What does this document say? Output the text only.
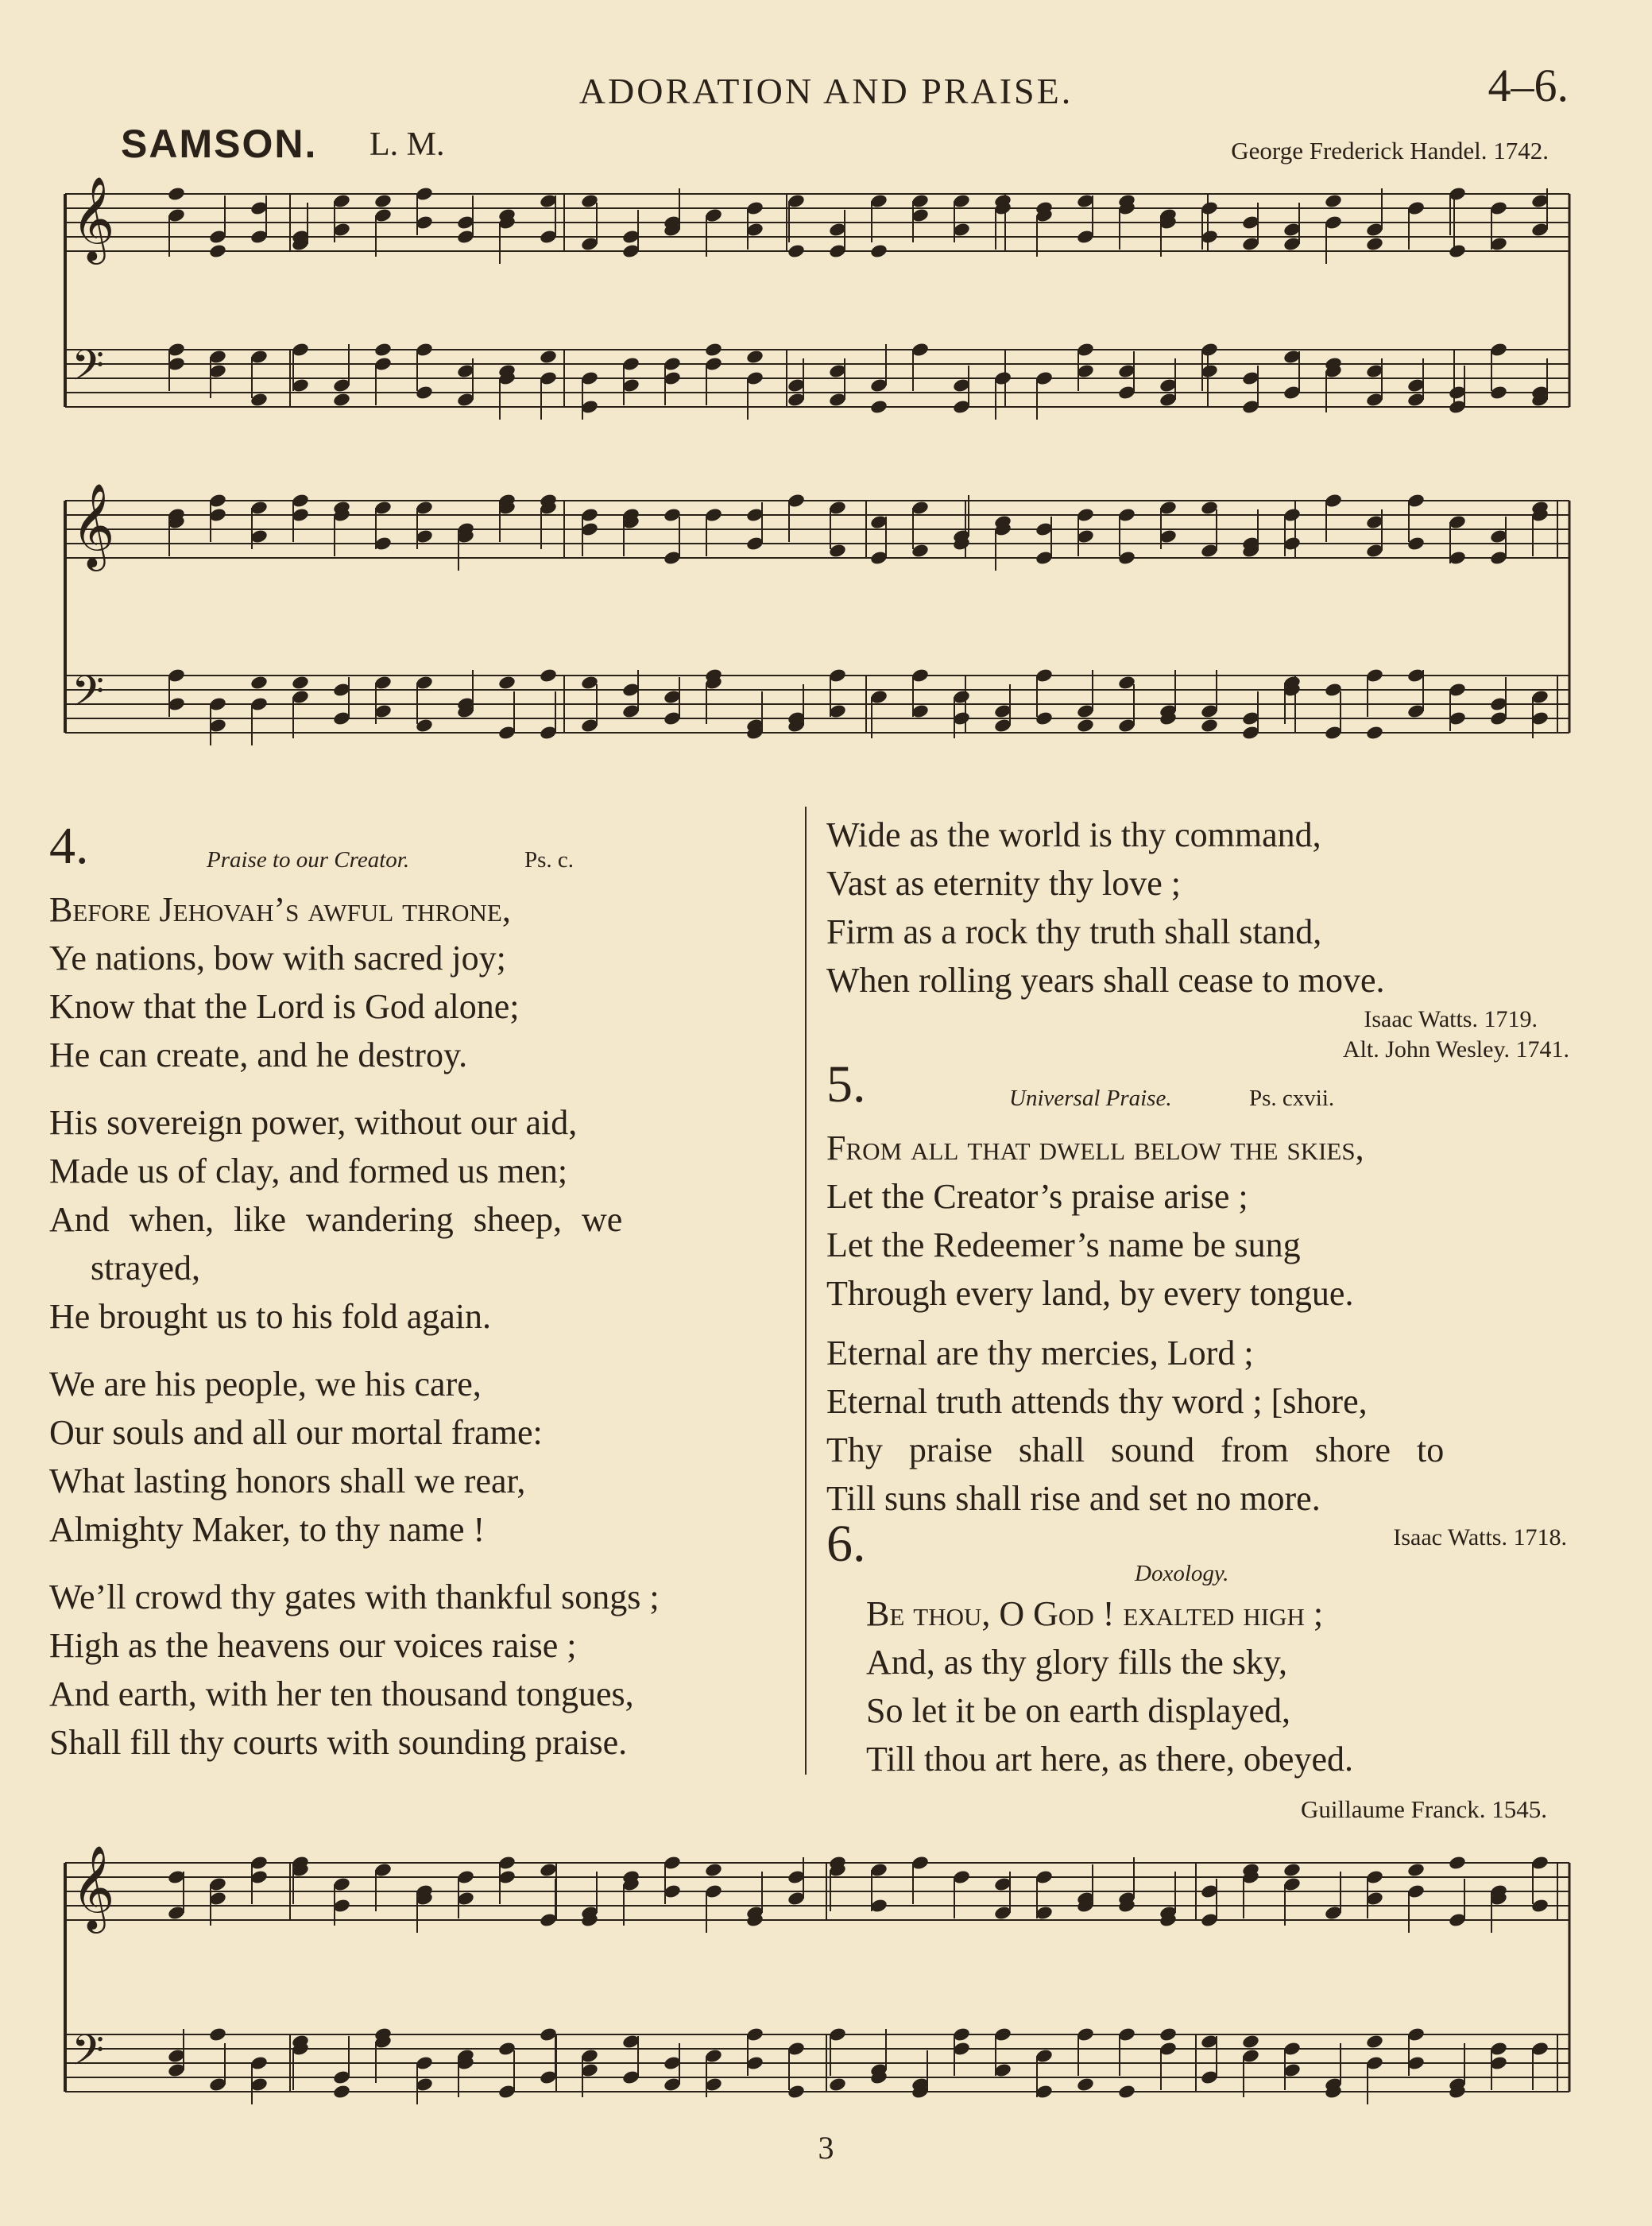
ADORATION AND PRAISE.	4–6.
SAMSON. L. M.	George Frederick Handel. 1742.
𝄞
𝄢
𝄞
𝄢
4.	Praise to our Creator.	Ps. c.
Before Jehovah’s awful throne,
Ye nations, bow with sacred joy;
Know that the Lord is God alone;
He can create, and he destroy.
His sovereign power, without our aid,
Made us of clay, and formed us men;
And when, like wandering sheep, we
strayed,
He brought us to his fold again.
We are his people, we his care,
Our souls and all our mortal frame:
What lasting honors shall we rear,
Almighty Maker, to thy name !
We’ll crowd thy gates with thankful songs ;
High as the heavens our voices raise ;
And earth, with her ten thousand tongues,
Shall fill thy courts with sounding praise.
Wide as the world is thy command,
Vast as eternity thy love ;
Firm as a rock thy truth shall stand,
When rolling years shall cease to move.
Isaac Watts. 1719.
Alt. John Wesley. 1741.
5.	Universal Praise.	Ps. cxvii.
From all that dwell below the skies,
Let the Creator’s praise arise ;
Let the Redeemer’s name be sung
Through every land, by every tongue.
Eternal are thy mercies, Lord ;
Eternal truth attends thy word ; [shore,
Thy praise shall sound from shore to
Till suns shall rise and set no more.
6.	Isaac Watts. 1718.
Doxology.
Be thou, O God ! exalted high ;
And, as thy glory fills the sky,
So let it be on earth displayed,
Till thou art here, as there, obeyed.
Guillaume Franck. 1545.
𝄞
𝄢
3
